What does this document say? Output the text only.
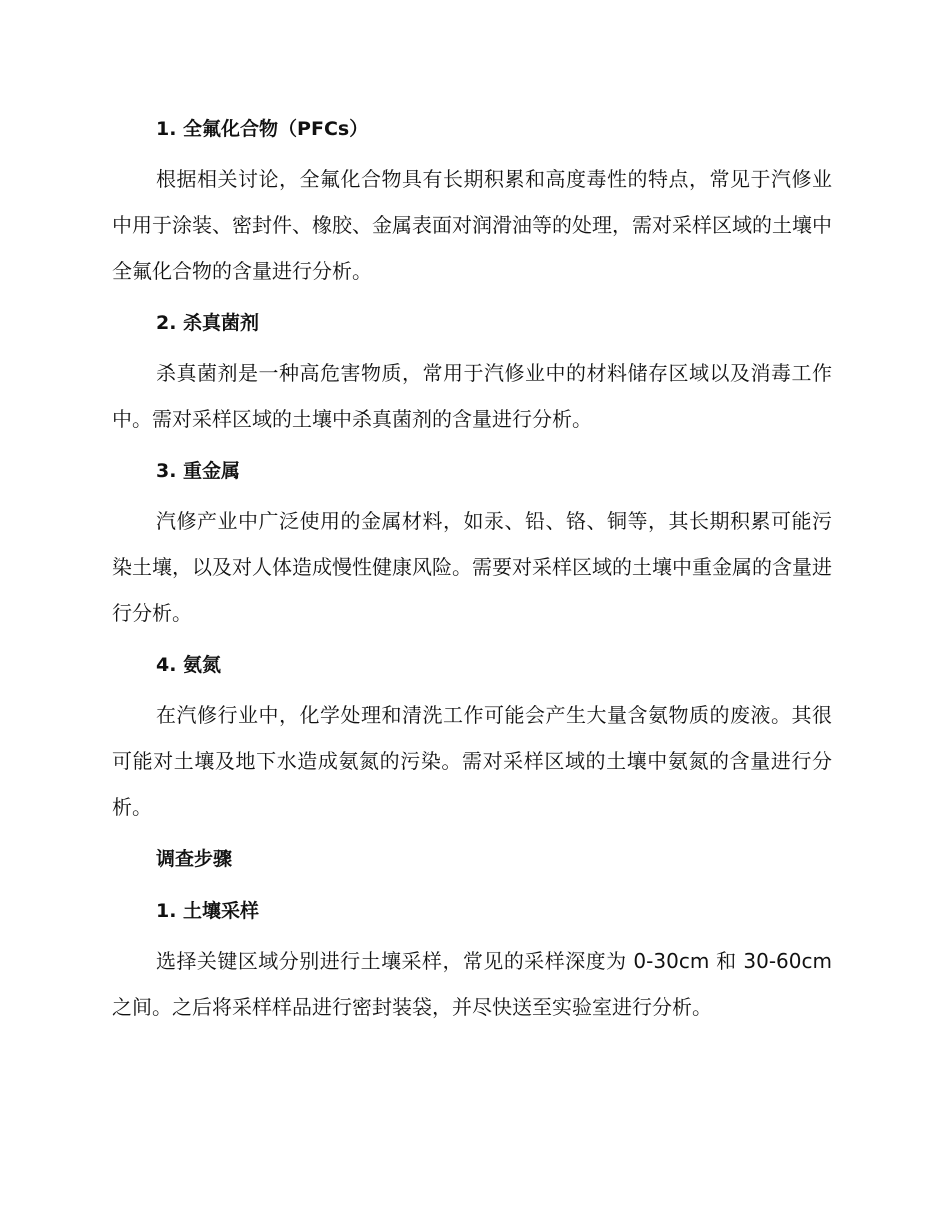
1. 全氟化合物（PFCs）

根据相关讨论，全氟化合物具有长期积累和高度毒性的特点，常见于汽修业中用于涂装、密封件、橡胶、金属表面对润滑油等的处理，需对采样区域的土壤中全氟化合物的含量进行分析。

2. 杀真菌剂

杀真菌剂是一种高危害物质，常用于汽修业中的材料储存区域以及消毒工作中。需对采样区域的土壤中杀真菌剂的含量进行分析。

3. 重金属

汽修产业中广泛使用的金属材料，如汞、铅、铬、铜等，其长期积累可能污染土壤，以及对人体造成慢性健康风险。需要对采样区域的土壤中重金属的含量进行分析。

4. 氨氮

在汽修行业中，化学处理和清洗工作可能会产生大量含氨物质的废液。其很可能对土壤及地下水造成氨氮的污染。需对采样区域的土壤中氨氮的含量进行分析。

调查步骤
1. 土壤采样

选择关键区域分别进行土壤采样，常见的采样深度为 0-30cm 和 30-60cm 之间。之后将采样样品进行密封装袋，并尽快送至实验室进行分析。
